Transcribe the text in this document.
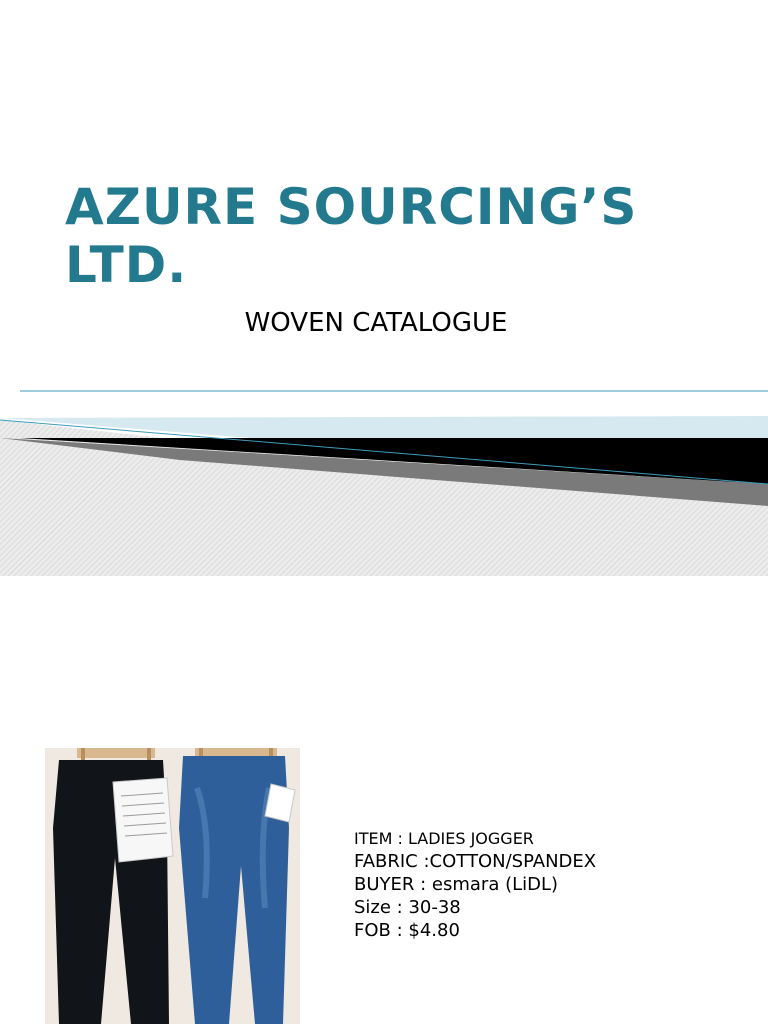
AZURE SOURCING’S LTD.

WOVEN CATALOGUE

ITEM : LADIES JOGGER
FABRIC :COTTON/SPANDEX
BUYER : esmara (LiDL)
Size : 30-38
FOB : $4.80
